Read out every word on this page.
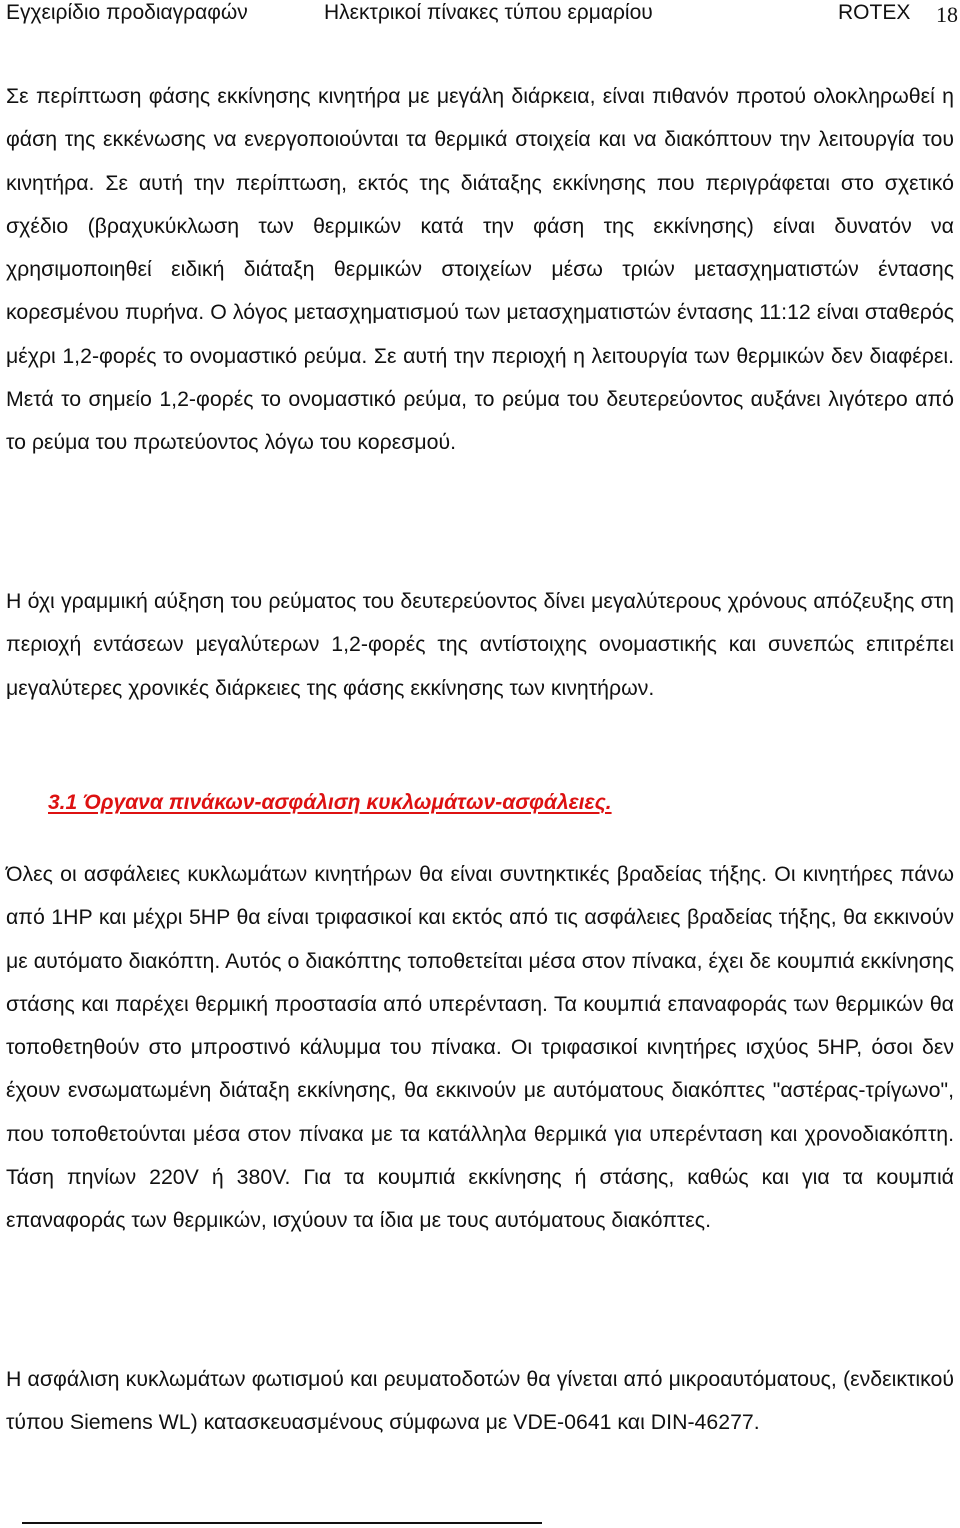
Εγχειρίδιο προδιαγραφών	Ηλεκτρικοί πίνακες τύπου ερμαρίου	ROTEX 18

Σε περίπτωση φάσης εκκίνησης κινητήρα με μεγάλη διάρκεια, είναι πιθανόν προτού ολοκληρωθεί η φάση της εκκένωσης να ενεργοποιούνται τα θερμικά στοιχεία και να διακόπτουν την λειτουργία του κινητήρα. Σε αυτή την περίπτωση, εκτός της διάταξης εκκίνησης που περιγράφεται στο σχετικό σχέδιο (βραχυκύκλωση των θερμικών κατά την φάση της εκκίνησης) είναι δυνατόν να χρησιμοποιηθεί ειδική διάταξη θερμικών στοιχείων μέσω τριών μετασχηματιστών έντασης κορεσμένου πυρήνα. Ο λόγος μετασχηματισμού των μετασχηματιστών έντασης 11:12 είναι σταθερός μέχρι 1,2-φορές το ονομαστικό ρεύμα. Σε αυτή την περιοχή η λειτουργία των θερμικών δεν διαφέρει. Μετά το σημείο 1,2-φορές το ονομαστικό ρεύμα, το ρεύμα του δευτερεύοντος αυξάνει λιγότερο από το ρεύμα του πρωτεύοντος λόγω του κορεσμού.

Η όχι γραμμική αύξηση του ρεύματος του δευτερεύοντος δίνει μεγαλύτερους χρόνους απόζευξης στη περιοχή εντάσεων μεγαλύτερων 1,2-φορές της αντίστοιχης ονομαστικής και συνεπώς επιτρέπει μεγαλύτερες χρονικές διάρκειες της φάσης εκκίνησης των κινητήρων.

3.1 Όργανα πινάκων-ασφάλιση κυκλωμάτων-ασφάλειες.

Όλες οι ασφάλειες κυκλωμάτων κινητήρων θα είναι συντηκτικές βραδείας τήξης. Οι κινητήρες πάνω από 1HP και μέχρι 5HP θα είναι τριφασικοί και εκτός από τις ασφάλειες βραδείας τήξης, θα εκκινούν με αυτόματο διακόπτη. Αυτός ο διακόπτης τοποθετείται μέσα στον πίνακα, έχει δε κουμπιά εκκίνησης στάσης και παρέχει θερμική προστασία από υπερένταση. Τα κουμπιά επαναφοράς των θερμικών θα τοποθετηθούν στο μπροστινό κάλυμμα του πίνακα. Οι τριφασικοί κινητήρες ισχύος 5HP, όσοι δεν έχουν ενσωματωμένη διάταξη εκκίνησης, θα εκκινούν με αυτόματους διακόπτες "αστέρας-τρίγωνο", που τοποθετούνται μέσα στον πίνακα με τα κατάλληλα θερμικά για υπερένταση και χρονοδιακόπτη. Τάση πηνίων 220V ή 380V. Για τα κουμπιά εκκίνησης ή στάσης, καθώς και για τα κουμπιά επαναφοράς των θερμικών, ισχύουν τα ίδια με τους αυτόματους διακόπτες.

Η ασφάλιση κυκλωμάτων φωτισμού και ρευματοδοτών θα γίνεται από μικροαυτόματους, (ενδεικτικού τύπου Siemens WL) κατασκευασμένους σύμφωνα με VDE-0641 και DIN-46277.
